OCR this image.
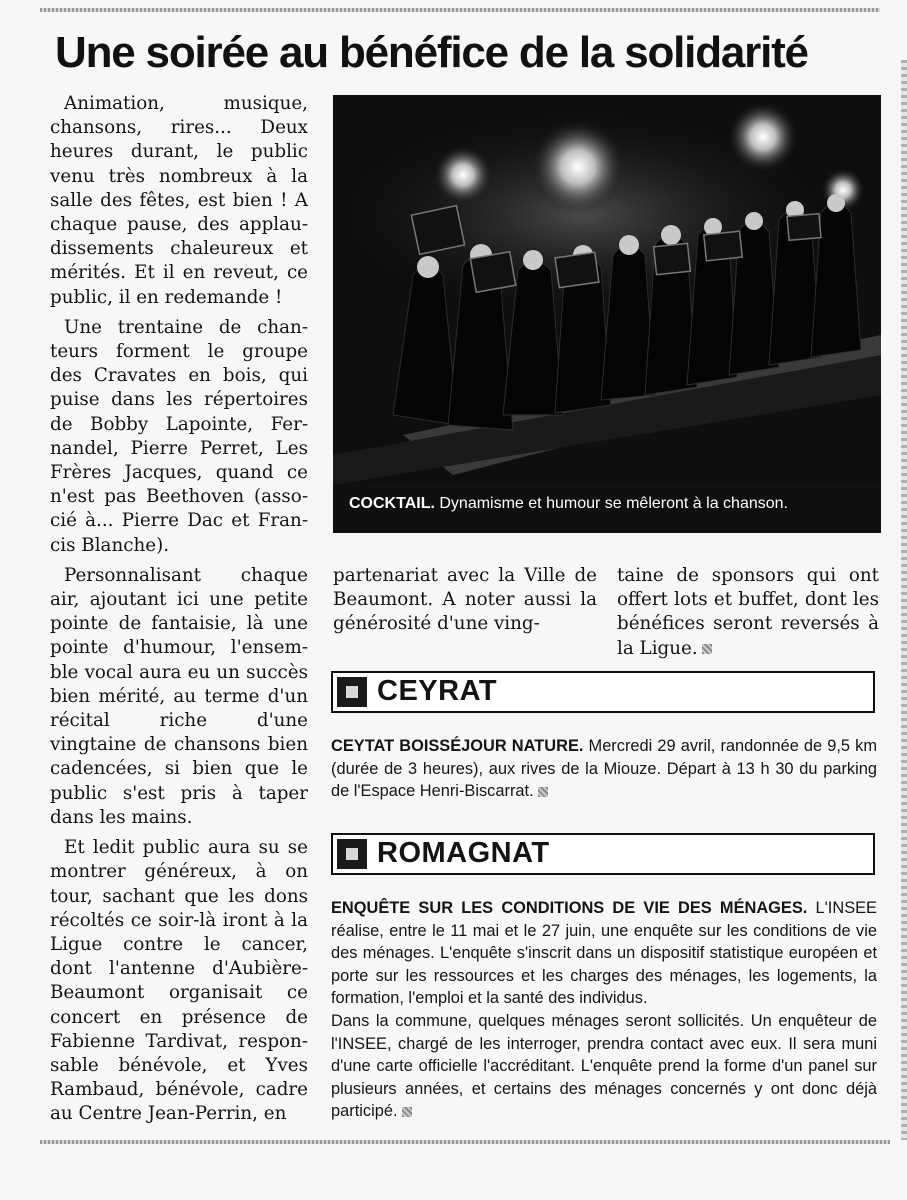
Une soirée au bénéfice de la solidarité

Animation, musique, chansons, rires... Deux heures durant, le public venu très nombreux à la salle des fêtes, est bien ! A chaque pause, des applaudissements chaleureux et mérités. Et il en reveut, ce public, il en redemande !

Une trentaine de chanteurs forment le groupe des Cravates en bois, qui puise dans les répertoires de Bobby Lapointe, Fernandel, Pierre Perret, Les Frères Jacques, quand ce n'est pas Beethoven (associé à... Pierre Dac et Francis Blanche).

Personnalisant chaque air, ajoutant ici une petite pointe de fantaisie, là une pointe d'humour, l'ensemble vocal aura eu un succès bien mérité, au terme d'un récital riche d'une vingtaine de chansons bien cadencées, si bien que le public s'est pris à taper dans les mains.

Et ledit public aura su se montrer généreux, à on tour, sachant que les dons récoltés ce soir-là iront à la Ligue contre le cancer, dont l'antenne d'Aubière-Beaumont organisait ce concert en présence de Fabienne Tardivat, responsable bénévole, et Yves Rambaud, bénévole, cadre au Centre Jean-Perrin, en

COCKTAIL. Dynamisme et humour se mêleront à la chanson.

partenariat avec la Ville de Beaumont. A noter aussi la générosité d'une ving-

taine de sponsors qui ont offert lots et buffet, dont les bénéfices seront reversés à la Ligue.

CEYRAT

CEYTAT BOISSÉJOUR NATURE. Mercredi 29 avril, randonnée de 9,5 km (durée de 3 heures), aux rives de la Miouze. Départ à 13 h 30 du parking de l'Espace Henri-Biscarrat.

ROMAGNAT

ENQUÊTE SUR LES CONDITIONS DE VIE DES MÉNAGES. L'INSEE réalise, entre le 11 mai et le 27 juin, une enquête sur les conditions de vie des ménages. L'enquête s'inscrit dans un dispositif statistique européen et porte sur les ressources et les charges des ménages, les logements, la formation, l'emploi et la santé des individus.

Dans la commune, quelques ménages seront sollicités. Un enquêteur de l'INSEE, chargé de les interroger, prendra contact avec eux. Il sera muni d'une carte officielle l'accréditant. L'enquête prend la forme d'un panel sur plusieurs années, et certains des ménages concernés y ont donc déjà participé.
